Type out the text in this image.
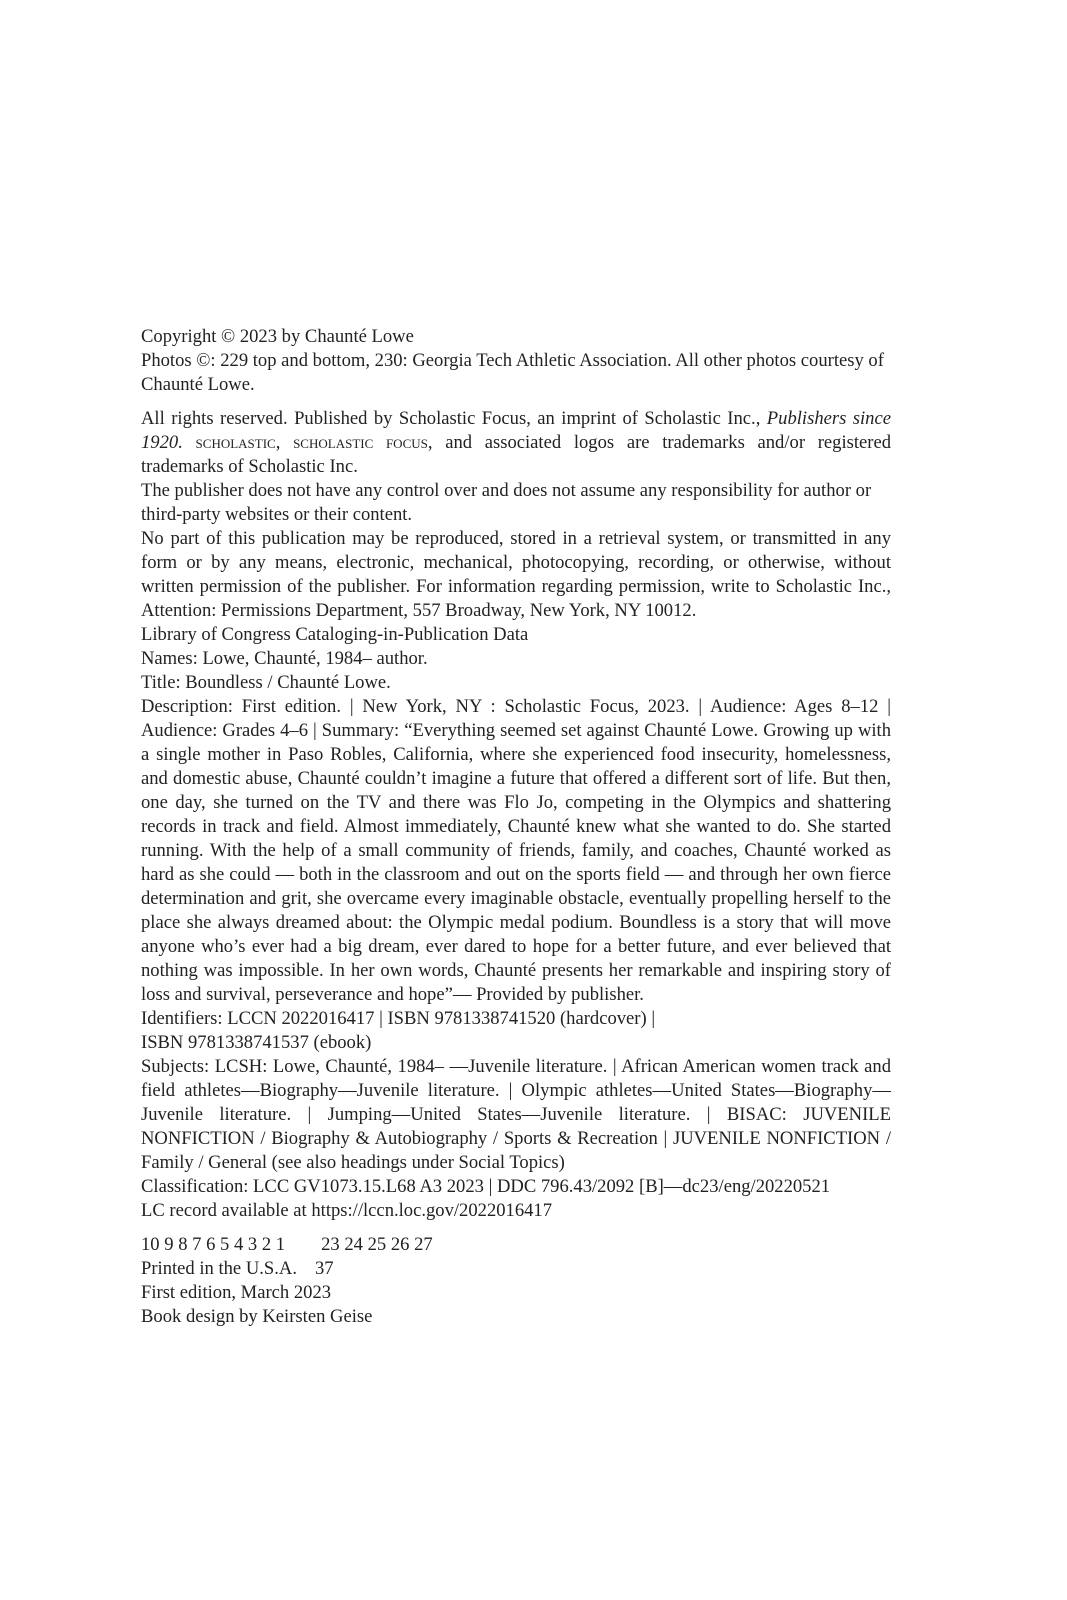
Copyright © 2023 by Chaunté Lowe

Photos ©: 229 top and bottom, 230: Georgia Tech Athletic Association. All other photos courtesy of Chaunté Lowe.

All rights reserved. Published by Scholastic Focus, an imprint of Scholastic Inc., Publishers since 1920. scholastic, scholastic focus, and associated logos are trademarks and/or registered trademarks of Scholastic Inc.

The publisher does not have any control over and does not assume any responsibility for author or third-party websites or their content.

No part of this publication may be reproduced, stored in a retrieval system, or transmitted in any form or by any means, electronic, mechanical, photocopying, recording, or otherwise, without written permission of the publisher. For information regarding permission, write to Scholastic Inc., Attention: Permissions Department, 557 Broadway, New York, NY 10012.

Library of Congress Cataloging-in-Publication Data

Names: Lowe, Chaunté, 1984– author.

Title: Boundless / Chaunté Lowe.

Description: First edition. | New York, NY : Scholastic Focus, 2023. | Audience: Ages 8–12 | Audience: Grades 4–6 | Summary: “Everything seemed set against Chaunté Lowe. Growing up with a single mother in Paso Robles, California, where she experienced food insecurity, homelessness, and domestic abuse, Chaunté couldn’t imagine a future that offered a different sort of life. But then, one day, she turned on the TV and there was Flo Jo, competing in the Olympics and shattering records in track and field. Almost immediately, Chaunté knew what she wanted to do. She started running. With the help of a small community of friends, family, and coaches, Chaunté worked as hard as she could — both in the classroom and out on the sports field — and through her own fierce determination and grit, she overcame every imaginable obstacle, eventually propelling herself to the place she always dreamed about: the Olympic medal podium. Boundless is a story that will move anyone who’s ever had a big dream, ever dared to hope for a better future, and ever believed that nothing was impossible. In her own words, Chaunté presents her remarkable and inspiring story of loss and survival, perseverance and hope”— Provided by publisher.

Identifiers: LCCN 2022016417 | ISBN 9781338741520 (hardcover) |

ISBN 9781338741537 (ebook)

Subjects: LCSH: Lowe, Chaunté, 1984– —Juvenile literature. | African American women track and field athletes—Biography—Juvenile literature. | Olympic athletes—United States—Biography—Juvenile literature. | Jumping—United States—Juvenile literature. | BISAC: JUVENILE NONFICTION / Biography & Autobiography / Sports & Recreation | JUVENILE NONFICTION / Family / General (see also headings under Social Topics)

Classification: LCC GV1073.15.L68 A3 2023 | DDC 796.43/2092 [B]—dc23/eng/20220521

LC record available at https://lccn.loc.gov/2022016417

10 9 8 7 6 5 4 3 2 1 23 24 25 26 27

Printed in the U.S.A. 37

First edition, March 2023

Book design by Keirsten Geise
